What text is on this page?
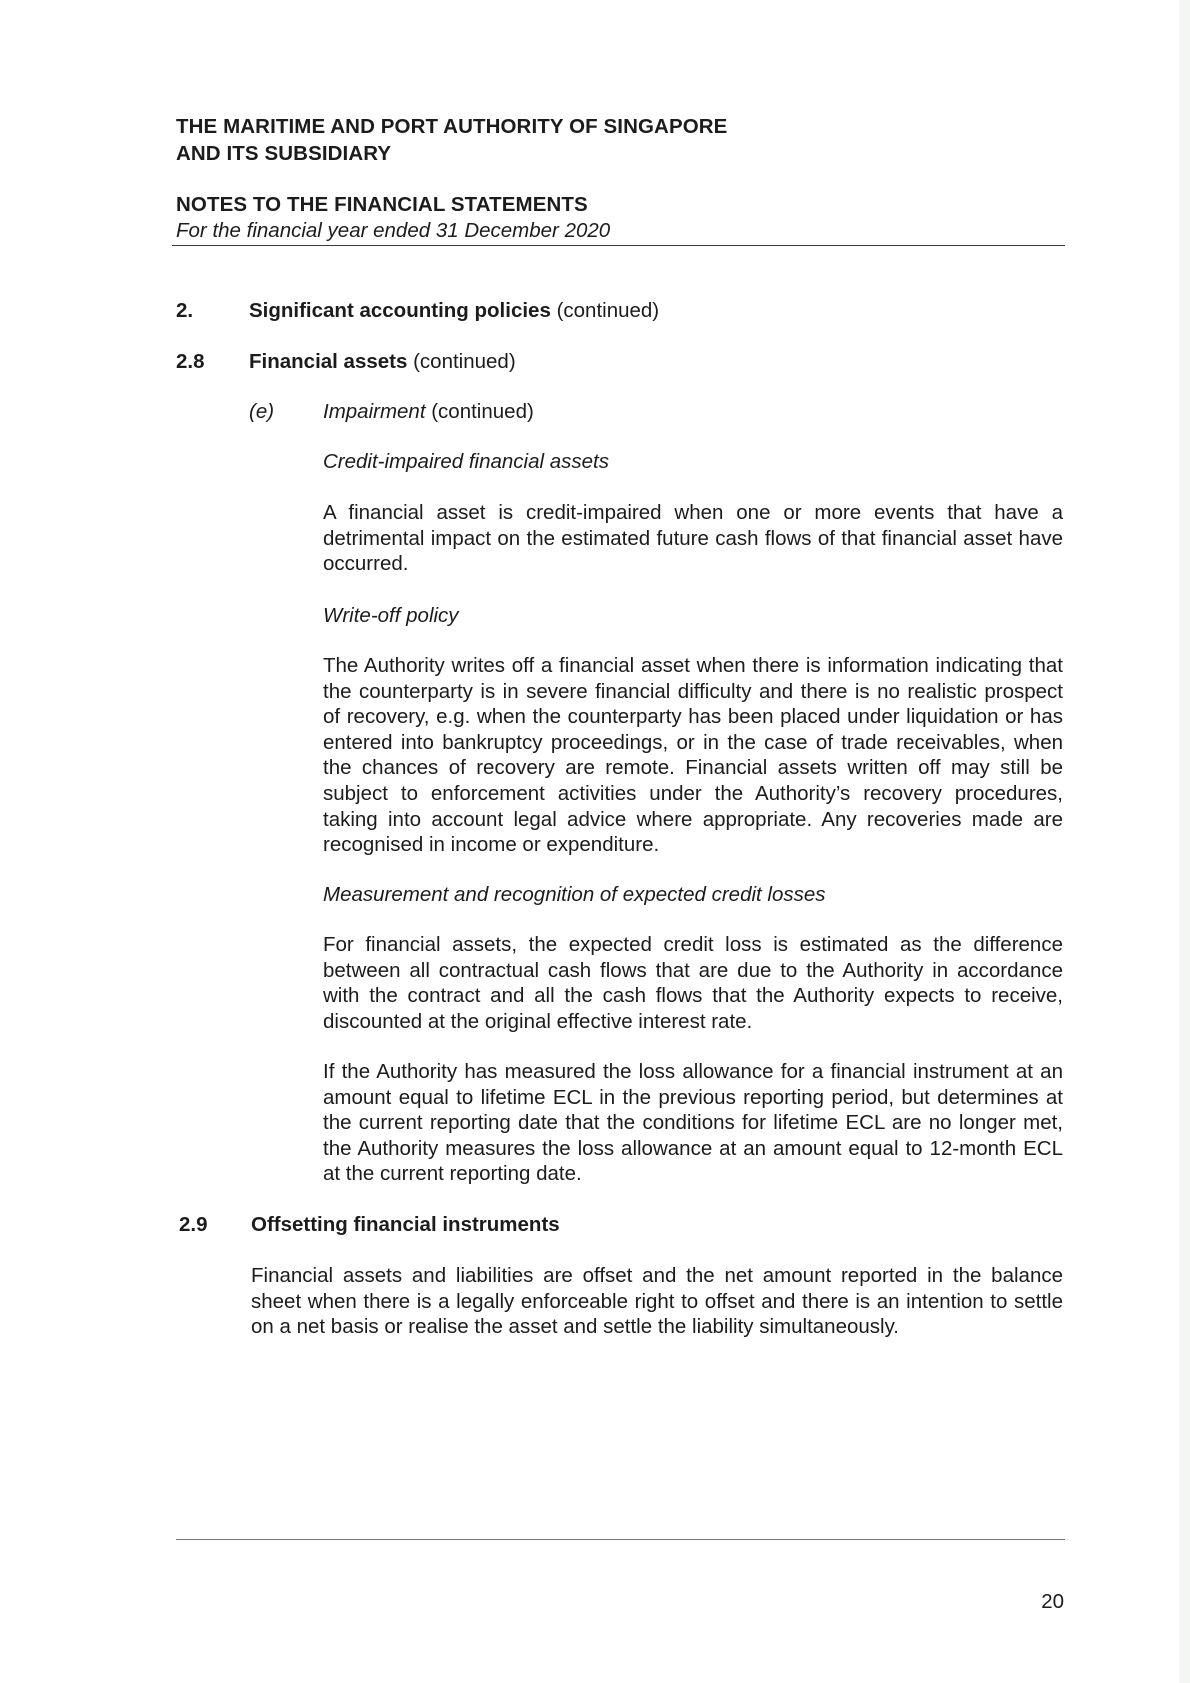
THE MARITIME AND PORT AUTHORITY OF SINGAPORE
AND ITS SUBSIDIARY
NOTES TO THE FINANCIAL STATEMENTS
For the financial year ended 31 December 2020
2.	Significant accounting policies (continued)
2.8 Financial assets (continued)
(e) Impairment (continued)
Credit-impaired financial assets
A financial asset is credit-impaired when one or more events that have a detrimental impact on the estimated future cash flows of that financial asset have occurred.
Write-off policy
The Authority writes off a financial asset when there is information indicating that the counterparty is in severe financial difficulty and there is no realistic prospect of recovery, e.g. when the counterparty has been placed under liquidation or has entered into bankruptcy proceedings, or in the case of trade receivables, when the chances of recovery are remote. Financial assets written off may still be subject to enforcement activities under the Authority’s recovery procedures, taking into account legal advice where appropriate. Any recoveries made are recognised in income or expenditure.
Measurement and recognition of expected credit losses
For financial assets, the expected credit loss is estimated as the difference between all contractual cash flows that are due to the Authority in accordance with the contract and all the cash flows that the Authority expects to receive, discounted at the original effective interest rate.
If the Authority has measured the loss allowance for a financial instrument at an amount equal to lifetime ECL in the previous reporting period, but determines at the current reporting date that the conditions for lifetime ECL are no longer met, the Authority measures the loss allowance at an amount equal to 12-month ECL at the current reporting date.
2.9 Offsetting financial instruments
Financial assets and liabilities are offset and the net amount reported in the balance sheet when there is a legally enforceable right to offset and there is an intention to settle on a net basis or realise the asset and settle the liability simultaneously.
20
